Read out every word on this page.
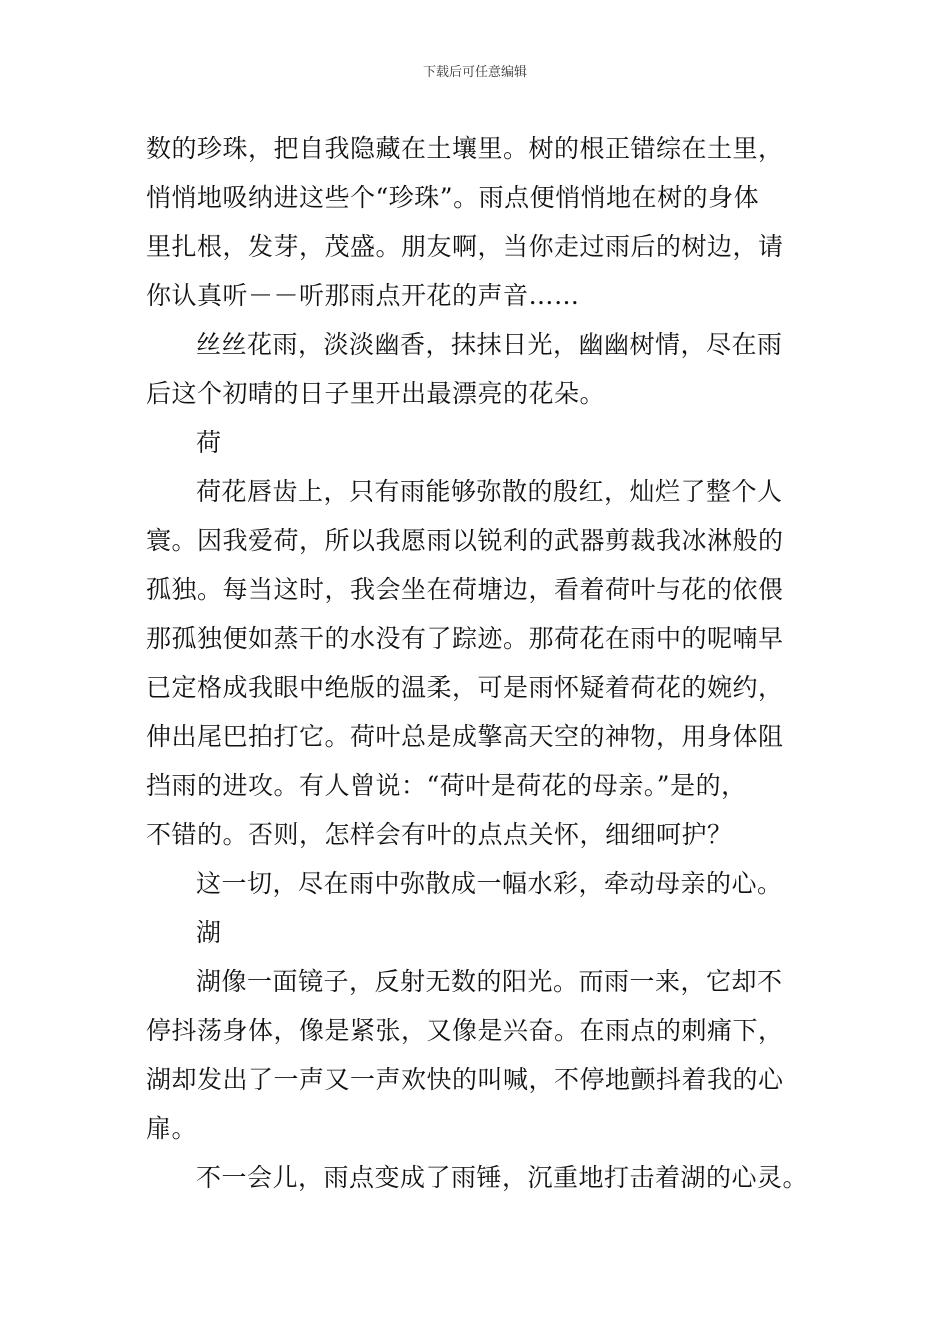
下载后可任意编辑

数的珍珠，把自我隐藏在土壤里。树的根正错综在土里，
悄悄地吸纳进这些个“珍珠”。雨点便悄悄地在树的身体
里扎根，发芽，茂盛。朋友啊，当你走过雨后的树边，请
你认真听－－听那雨点开花的声音……

丝丝花雨，淡淡幽香，抹抹日光，幽幽树情，尽在雨
后这个初晴的日子里开出最漂亮的花朵。

荷

荷花唇齿上，只有雨能够弥散的殷红，灿烂了整个人
寰。因我爱荷，所以我愿雨以锐利的武器剪裁我冰淋般的
孤独。每当这时，我会坐在荷塘边，看着荷叶与花的依偎
那孤独便如蒸干的水没有了踪迹。那荷花在雨中的呢喃早
已定格成我眼中绝版的温柔，可是雨怀疑着荷花的婉约，
伸出尾巴拍打它。荷叶总是成擎高天空的神物，用身体阻
挡雨的进攻。有人曾说：“荷叶是荷花的母亲。”是的，
不错的。否则，怎样会有叶的点点关怀，细细呵护？

这一切，尽在雨中弥散成一幅水彩，牵动母亲的心。

湖

湖像一面镜子，反射无数的阳光。而雨一来，它却不
停抖荡身体，像是紧张，又像是兴奋。在雨点的刺痛下，
湖却发出了一声又一声欢快的叫喊，不停地颤抖着我的心
扉。

不一会儿，雨点变成了雨锤，沉重地打击着湖的心灵。
